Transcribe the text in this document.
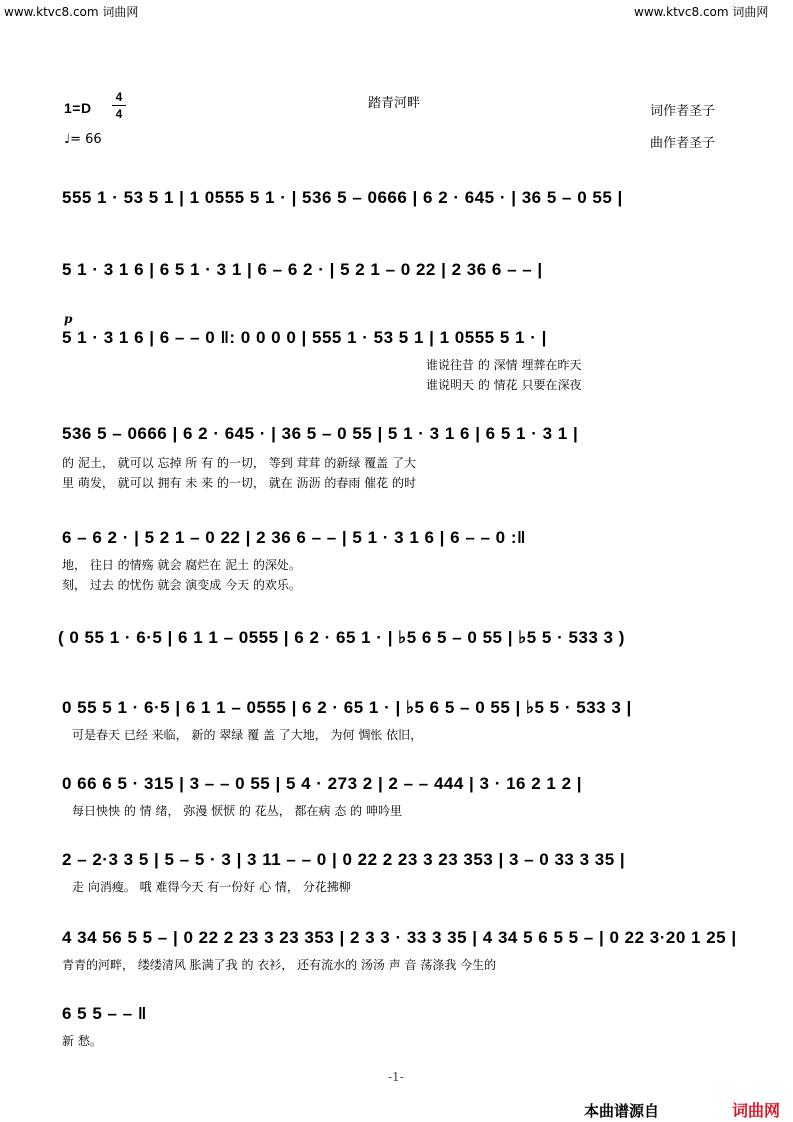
www.ktvc8.com 词曲网	www.ktvc8.com 词曲网
踏青河畔
1=D
4
4
♩= 66
词作者圣子
曲作者圣子
555 1 · 53 5 1 | 1 0555 5 1 · | 536 5 – 0666 | 6 2 · 645 · | 36 5 – 0 55 |
5 1 · 3 1 6 | 6 5 1 · 3 1 | 6 – 6 2 · | 5 2 1 – 0 22 | 2 36 6 – – |
p
5 1 · 3 1 6 | 6 – – 0 ‖: 0 0 0 0 | 555 1 · 53 5 1 | 1 0555 5 1 · |
谁说往昔 的 深情 埋葬在昨天
谁说明天 的 情花 只要在深夜
536 5 – 0666 | 6 2 · 645 · | 36 5 – 0 55 | 5 1 · 3 1 6 | 6 5 1 · 3 1 |
的 泥土， 就可以 忘掉 所 有 的一切， 等到 茸茸 的新绿 覆盖 了大
里 萌发， 就可以 拥有 未 来 的一切， 就在 沥沥 的春雨 催花 的时
6 – 6 2 · | 5 2 1 – 0 22 | 2 36 6 – – | 5 1 · 3 1 6 | 6 – – 0 :‖
地， 往日 的情殇 就会 腐烂在 泥土 的深处。
刻， 过去 的忧伤 就会 演变成 今天 的欢乐。
( 0 55 1 · 6·5 | 6 1 1 – 0555 | 6 2 · 65 1 · | ♭5 6 5 – 0 55 | ♭5 5 · 533 3 )
0 55 5 1 · 6·5 | 6 1 1 – 0555 | 6 2 · 65 1 · | ♭5 6 5 – 0 55 | ♭5 5 · 533 3 |
可是春天 已经 来临， 新的 翠绿 覆 盖 了大地， 为何 惆怅 依旧，
0 66 6 5 · 315 | 3 – – 0 55 | 5 4 · 273 2 | 2 – – 444 | 3 · 16 2 1 2 |
每日怏怏 的 情 绪， 弥漫 恹恹 的 花丛， 都在病 态 的 呻吟里
2 – 2·3 3 5 | 5 – 5 · 3 | 3 11 – – 0 | 0 22 2 23 3 23 353 | 3 – 0 33 3 35 |
走 向消瘦。 哦 难得今天 有一份好 心 情， 分花拂柳
4 34 56 5 5 – | 0 22 2 23 3 23 353 | 2 3 3 · 33 3 35 | 4 34 5 6 5 5 – | 0 22 3·20 1 25 |
青青的河畔， 缕缕清风 胀满了我 的 衣衫， 还有流水的 汤汤 声 音 荡涤我 今生的
6 5 5 – – ‖
新 愁。
-1-
本曲谱源自	词曲网
